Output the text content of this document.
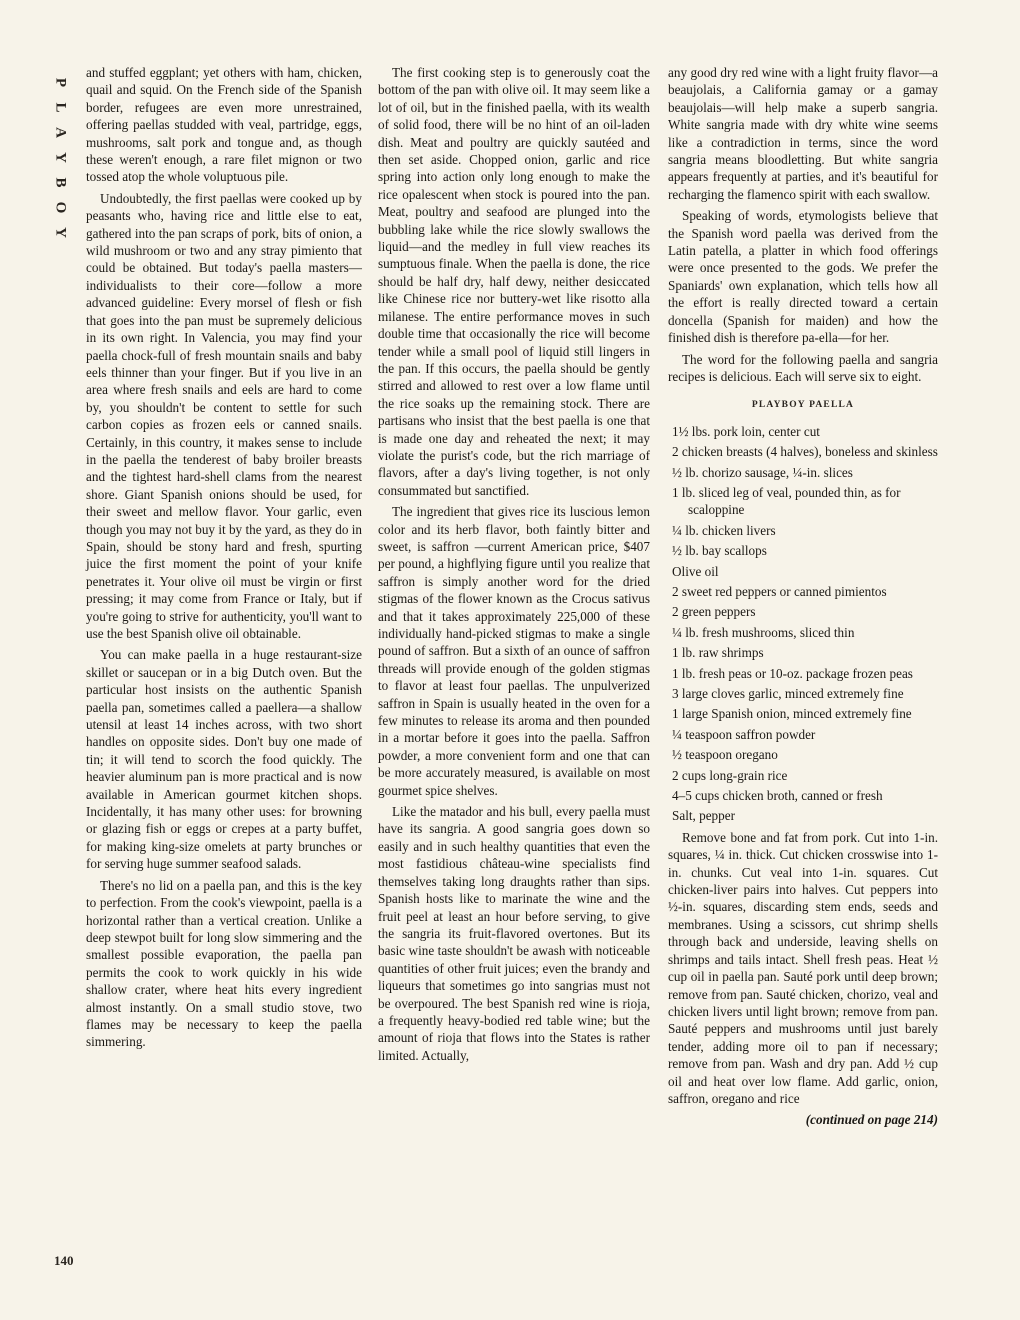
P
L
A
Y
B
O
Y

and stuffed eggplant; yet others with ham, chicken, quail and squid. On the French side of the Spanish border, refugees are even more unrestrained, offering paellas studded with veal, partridge, eggs, mushrooms, salt pork and tongue and, as though these weren't enough, a rare filet mignon or two tossed atop the whole voluptuous pile.

Undoubtedly, the first paellas were cooked up by peasants who, having rice and little else to eat, gathered into the pan scraps of pork, bits of onion, a wild mushroom or two and any stray pimiento that could be obtained. But today's paella masters—individualists to their core—follow a more advanced guideline: Every morsel of flesh or fish that goes into the pan must be supremely delicious in its own right. In Valencia, you may find your paella chock-full of fresh mountain snails and baby eels thinner than your finger. But if you live in an area where fresh snails and eels are hard to come by, you shouldn't be content to settle for such carbon copies as frozen eels or canned snails. Certainly, in this country, it makes sense to include in the paella the tenderest of baby broiler breasts and the tightest hard-shell clams from the nearest shore. Giant Spanish onions should be used, for their sweet and mellow flavor. Your garlic, even though you may not buy it by the yard, as they do in Spain, should be stony hard and fresh, spurting juice the first moment the point of your knife penetrates it. Your olive oil must be virgin or first pressing; it may come from France or Italy, but if you're going to strive for authenticity, you'll want to use the best Spanish olive oil obtainable.

You can make paella in a huge restaurant-size skillet or saucepan or in a big Dutch oven. But the particular host insists on the authentic Spanish paella pan, sometimes called a paellera—a shallow utensil at least 14 inches across, with two short handles on opposite sides. Don't buy one made of tin; it will tend to scorch the food quickly. The heavier aluminum pan is more practical and is now available in American gourmet kitchen shops. Incidentally, it has many other uses: for browning or glazing fish or eggs or crepes at a party buffet, for making king-size omelets at party brunches or for serving huge summer seafood salads.

There's no lid on a paella pan, and this is the key to perfection. From the cook's viewpoint, paella is a horizontal rather than a vertical creation. Unlike a deep stewpot built for long slow simmering and the smallest possible evaporation, the paella pan permits the cook to work quickly in his wide shallow crater, where heat hits every ingredient almost instantly. On a small studio stove, two flames may be necessary to keep the paella simmering.

The first cooking step is to generously coat the bottom of the pan with olive oil. It may seem like a lot of oil, but in the finished paella, with its wealth of solid food, there will be no hint of an oil-laden dish. Meat and poultry are quickly sautéed and then set aside. Chopped onion, garlic and rice spring into action only long enough to make the rice opalescent when stock is poured into the pan. Meat, poultry and seafood are plunged into the bubbling lake while the rice slowly swallows the liquid—and the medley in full view reaches its sumptuous finale. When the paella is done, the rice should be half dry, half dewy, neither desiccated like Chinese rice nor buttery-wet like risotto alla milanese. The entire performance moves in such double time that occasionally the rice will become tender while a small pool of liquid still lingers in the pan. If this occurs, the paella should be gently stirred and allowed to rest over a low flame until the rice soaks up the remaining stock. There are partisans who insist that the best paella is one that is made one day and reheated the next; it may violate the purist's code, but the rich marriage of flavors, after a day's living together, is not only consummated but sanctified.

The ingredient that gives rice its luscious lemon color and its herb flavor, both faintly bitter and sweet, is saffron —current American price, $407 per pound, a highflying figure until you realize that saffron is simply another word for the dried stigmas of the flower known as the Crocus sativus and that it takes approximately 225,000 of these individually hand-picked stigmas to make a single pound of saffron. But a sixth of an ounce of saffron threads will provide enough of the golden stigmas to flavor at least four paellas. The unpulverized saffron in Spain is usually heated in the oven for a few minutes to release its aroma and then pounded in a mortar before it goes into the paella. Saffron powder, a more convenient form and one that can be more accurately measured, is available on most gourmet spice shelves.

Like the matador and his bull, every paella must have its sangria. A good sangria goes down so easily and in such healthy quantities that even the most fastidious château-wine specialists find themselves taking long draughts rather than sips. Spanish hosts like to marinate the wine and the fruit peel at least an hour before serving, to give the sangria its fruit-flavored overtones. But its basic wine taste shouldn't be awash with noticeable quantities of other fruit juices; even the brandy and liqueurs that sometimes go into sangrias must not be overpoured. The best Spanish red wine is rioja, a frequently heavy-bodied red table wine; but the amount of rioja that flows into the States is rather limited. Actually,

any good dry red wine with a light fruity flavor—a beaujolais, a California gamay or a gamay beaujolais—will help make a superb sangria. White sangria made with dry white wine seems like a contradiction in terms, since the word sangria means bloodletting. But white sangria appears frequently at parties, and it's beautiful for recharging the flamenco spirit with each swallow.

Speaking of words, etymologists believe that the Spanish word paella was derived from the Latin patella, a platter in which food offerings were once presented to the gods. We prefer the Spaniards' own explanation, which tells how all the effort is really directed toward a certain doncella (Spanish for maiden) and how the finished dish is therefore pa-ella—for her.

The word for the following paella and sangria recipes is delicious. Each will serve six to eight.

PLAYBOY PAELLA
1½ lbs. pork loin, center cut
2 chicken breasts (4 halves), boneless and skinless
½ lb. chorizo sausage, ¼-in. slices
1 lb. sliced leg of veal, pounded thin, as for scaloppine
¼ lb. chicken livers
½ lb. bay scallops
Olive oil
2 sweet red peppers or canned pimientos
2 green peppers
¼ lb. fresh mushrooms, sliced thin
1 lb. raw shrimps
1 lb. fresh peas or 10-oz. package frozen peas
3 large cloves garlic, minced extremely fine
1 large Spanish onion, minced extremely fine
¼ teaspoon saffron powder
½ teaspoon oregano
2 cups long-grain rice
4–5 cups chicken broth, canned or fresh
Salt, pepper

Remove bone and fat from pork. Cut into 1-in. squares, ¼ in. thick. Cut chicken crosswise into 1-in. chunks. Cut veal into 1-in. squares. Cut chicken-liver pairs into halves. Cut peppers into ½-in. squares, discarding stem ends, seeds and membranes. Using a scissors, cut shrimp shells through back and underside, leaving shells on shrimps and tails intact. Shell fresh peas. Heat ½ cup oil in paella pan. Sauté pork until deep brown; remove from pan. Sauté chicken, chorizo, veal and chicken livers until light brown; remove from pan. Sauté peppers and mushrooms until just barely tender, adding more oil to pan if necessary; remove from pan. Wash and dry pan. Add ½ cup oil and heat over low flame. Add garlic, onion, saffron, oregano and rice

(continued on page 214)
140
